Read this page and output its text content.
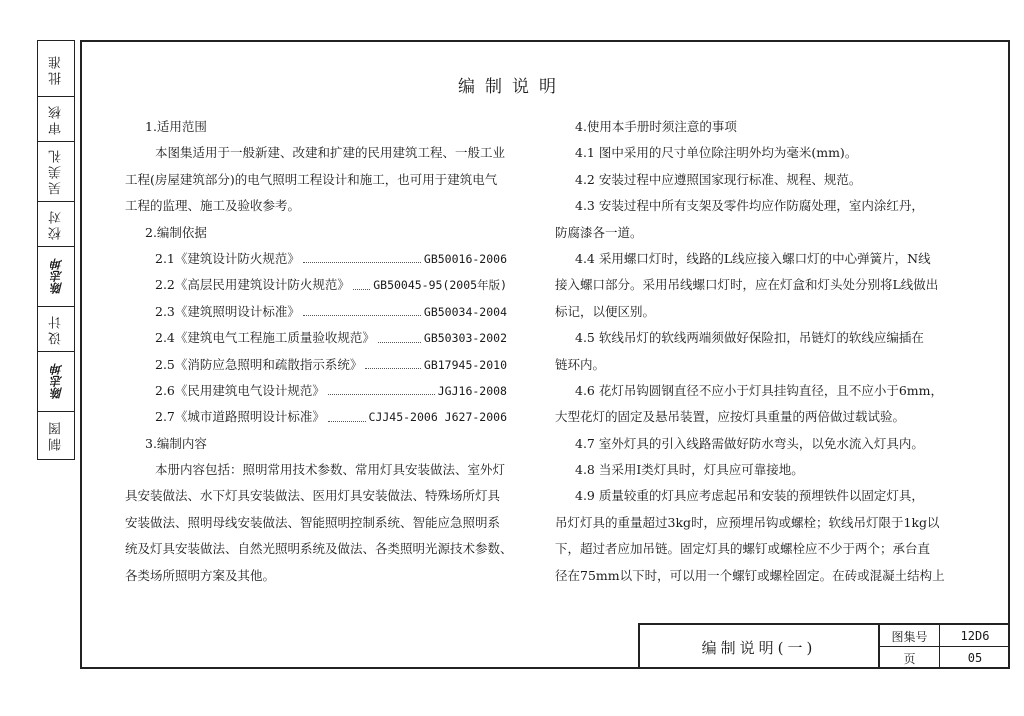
批准
审核
吴美礼
校对
陈志坤
设计
陈志坤
制图
编制说明
1.适用范围
本图集适用于一般新建、改建和扩建的民用建筑工程、一般工业
工程(房屋建筑部分)的电气照明工程设计和施工，也可用于建筑电气
工程的监理、施工及验收参考。
2.编制依据
2.1《建筑设计防火规范》	GB50016-2006
2.2《高层民用建筑设计防火规范》 GB50045-95(2005年版)
2.3《建筑照明设计标准》	GB50034-2004
2.4《建筑电气工程施工质量验收规范》	GB50303-2002
2.5《消防应急照明和疏散指示系统》	GB17945-2010
2.6《民用建筑电气设计规范》	JGJ16-2008
2.7《城市道路照明设计标准》	CJJ45-2006 J627-2006
3.编制内容
本册内容包括：照明常用技术参数、常用灯具安装做法、室外灯
具安装做法、水下灯具安装做法、医用灯具安装做法、特殊场所灯具
安装做法、照明母线安装做法、智能照明控制系统、智能应急照明系
统及灯具安装做法、自然光照明系统及做法、各类照明光源技术参数、
各类场所照明方案及其他。
4.使用本手册时须注意的事项
4.1 图中采用的尺寸单位除注明外均为毫米(mm)。
4.2 安装过程中应遵照国家现行标准、规程、规范。
4.3 安装过程中所有支架及零件均应作防腐处理，室内涂红丹，
防腐漆各一道。
4.4 采用螺口灯时，线路的L线应接入螺口灯的中心弹簧片，N线
接入螺口部分。采用吊线螺口灯时，应在灯盒和灯头处分别将L线做出
标记，以便区别。
4.5 软线吊灯的软线两端须做好保险扣，吊链灯的软线应编插在
链环内。
4.6 花灯吊钩圆钢直径不应小于灯具挂钩直径，且不应小于6mm，
大型花灯的固定及悬吊装置，应按灯具重量的两倍做过载试验。
4.7 室外灯具的引入线路需做好防水弯头，以免水流入灯具内。
4.8 当采用Ⅰ类灯具时，灯具应可靠接地。
4.9 质量较重的灯具应考虑起吊和安装的预埋铁件以固定灯具，
吊灯灯具的重量超过3kg时，应预埋吊钩或螺栓；软线吊灯限于1kg以
下，超过者应加吊链。固定灯具的螺钉或螺栓应不少于两个；承台直
径在75mm以下时，可以用一个螺钉或螺栓固定。在砖或混凝土结构上
编制说明(一)
图集号	12D6
页	05
